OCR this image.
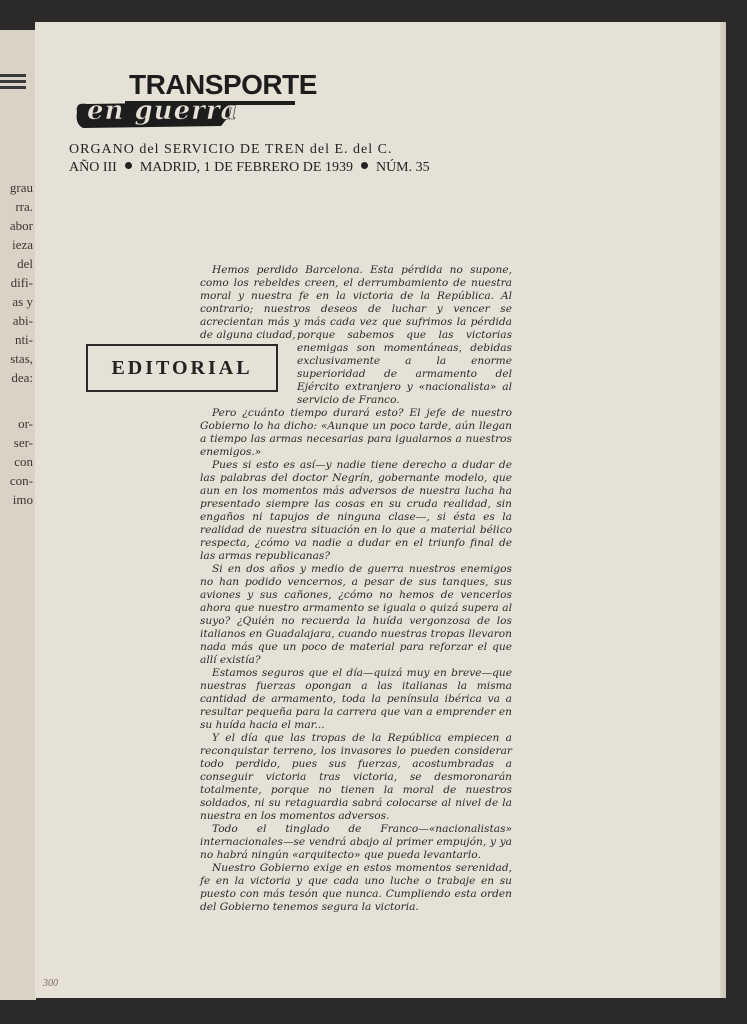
grau
rra.
abor
ieza
del
difi-
as y
abi-
nti-
stas,
dea:
or-
ser-
con
con-
imo
TRANSPORTE
en guerra
ORGANO del SERVICIO DE TREN del E. del C.
AÑO III MADRID, 1 DE FEBRERO DE 1939 NÚM. 35
EDITORIAL

Hemos perdido Barcelona. Esta pérdida no supone, como los rebeldes creen, el derrumbamiento de nuestra moral y nuestra fe en la victoria de la República. Al contrario; nuestros deseos de luchar y vencer se acrecientan más y más cada vez que sufrimos la pérdida de alguna ciudad, porque sabemos que las victorias enemigas son momentáneas, debidas exclusivamente a la enorme superioridad de armamento del Ejército extranjero y «nacionalista» al servicio de Franco.

Pero ¿cuánto tiempo durará esto? El jefe de nuestro Gobierno lo ha dicho: «Aunque un poco tarde, aún llegan a tiempo las armas necesarias para igualarnos a nuestros enemigos.»

Pues si esto es así—y nadie tiene derecho a dudar de las palabras del doctor Negrín, gobernante modelo, que aun en los momentos más adversos de nuestra lucha ha presentado siempre las cosas en su cruda realidad, sin engaños ni tapujos de ninguna clase—, si ésta es la realidad de nuestra situación en lo que a material bélico respecta, ¿cómo va nadie a dudar en el triunfo final de las armas republicanas?

Si en dos años y medio de guerra nuestros enemigos no han podido vencernos, a pesar de sus tanques, sus aviones y sus cañones, ¿cómo no hemos de vencerlos ahora que nuestro armamento se iguala o quizá supera al suyo? ¿Quién no recuerda la huída vergonzosa de los italianos en Guadalajara, cuando nuestras tropas llevaron nada más que un poco de material para reforzar el que allí existía?

Estamos seguros que el día—quizá muy en breve—que nuestras fuerzas opongan a las italianas la misma cantidad de armamento, toda la península ibérica va a resultar pequeña para la carrera que van a emprender en su huída hacia el mar...

Y el día que las tropas de la República empiecen a reconquistar terreno, los invasores lo pueden considerar todo perdido, pues sus fuerzas, acostumbradas a conseguir victoria tras victoria, se desmoronarán totalmente, porque no tienen la moral de nuestros soldados, ni su retaguardia sabrá colocarse al nivel de la nuestra en los momentos adversos.

Todo el tinglado de Franco—«nacionalistas» internacionales—se vendrá abajo al primer empujón, y ya no habrá ningún «arquitecto» que pueda levantarlo.

Nuestro Gobierno exige en estos momentos serenidad, fe en la victoria y que cada uno luche o trabaje en su puesto con más tesón que nunca. Cumpliendo esta orden del Gobierno tenemos segura la victoria.

300
